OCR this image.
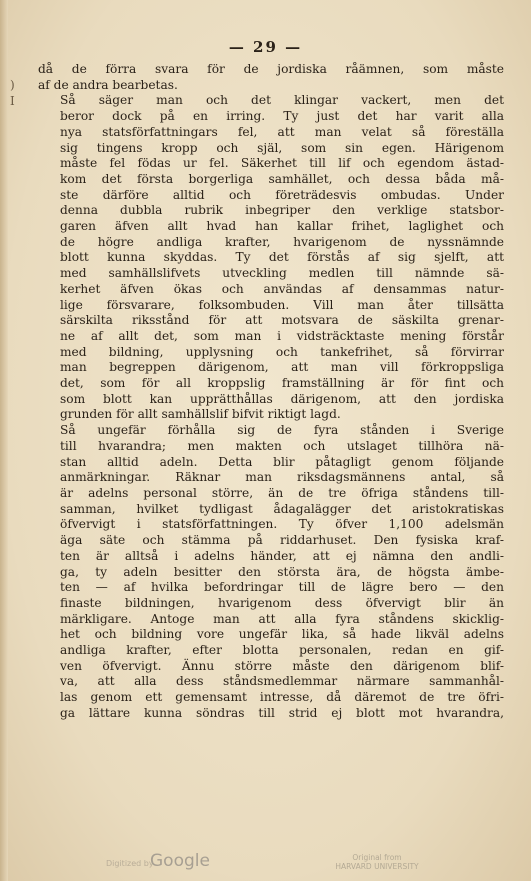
— 29 —
)
I

då de förra svara för de jordiska råämnen, som måste
af de andra bearbetas.

Så säger man och det klingar vackert, men det
beror dock på en irring. Ty just det har varit alla
nya statsförfattningars fel, att man velat så föreställa
sig tingens kropp och själ, som sin egen. Härigenom
måste fel födas ur fel. Säkerhet till lif och egendom ästad-
kom det första borgerliga samhället, och dessa båda må-
ste därföre alltid och företrädesvis ombudas. Under
denna dubbla rubrik inbegriper den verklige statsbor-
garen äfven allt hvad han kallar frihet, laglighet och
de högre andliga krafter, hvarigenom de nyssnämnde
blott kunna skyddas. Ty det förstås af sig sjelft, att
med samhällslifvets utveckling medlen till nämnde sä-
kerhet äfven ökas och användas af densammas natur-
lige försvarare, folksombuden. Vill man åter tillsätta
särskilta riksstånd för att motsvara de säskilta grenar-
ne af allt det, som man i vidsträcktaste mening förstår
med bildning, upplysning och tankefrihet, så förvirrar
man begreppen därigenom, att man vill förkroppsliga
det, som för all kroppslig framställning är för fint och
som blott kan upprätthållas därigenom, att den jordiska
grunden för allt samhällslif bifvit riktigt lagd.

Så ungefär förhålla sig de fyra stånden i Sverige
till hvarandra; men makten och utslaget tillhöra nä-
stan alltid adeln. Detta blir påtagligt genom följande
anmärkningar. Räknar man riksdagsmännens antal, så
är adelns personal större, än de tre öfriga ståndens till-
samman, hvilket tydligast ådagalägger det aristokratiskas
öfvervigt i statsförfattningen. Ty öfver 1,100 adelsmän
äga säte och stämma på riddarhuset. Den fysiska kraf-
ten är alltså i adelns händer, att ej nämna den andli-
ga, ty adeln besitter den största ära, de högsta ämbe-
ten — af hvilka befordringar till de lägre bero — den
finaste bildningen, hvarigenom dess öfvervigt blir än
märkligare. Antoge man att alla fyra ståndens skicklig-
het och bildning vore ungefär lika, så hade likväl adelns
andliga krafter, efter blotta personalen, redan en gif-
ven öfvervigt. Ännu större måste den därigenom blif-
va, att alla dess ståndsmedlemmar närmare sammanhål-
las genom ett gemensamt intresse, då däremot de tre öfri-
ga lättare kunna söndras till strid ej blott mot hvarandra,

Digitized by
Google	Original from
HARVARD UNIVERSITY
